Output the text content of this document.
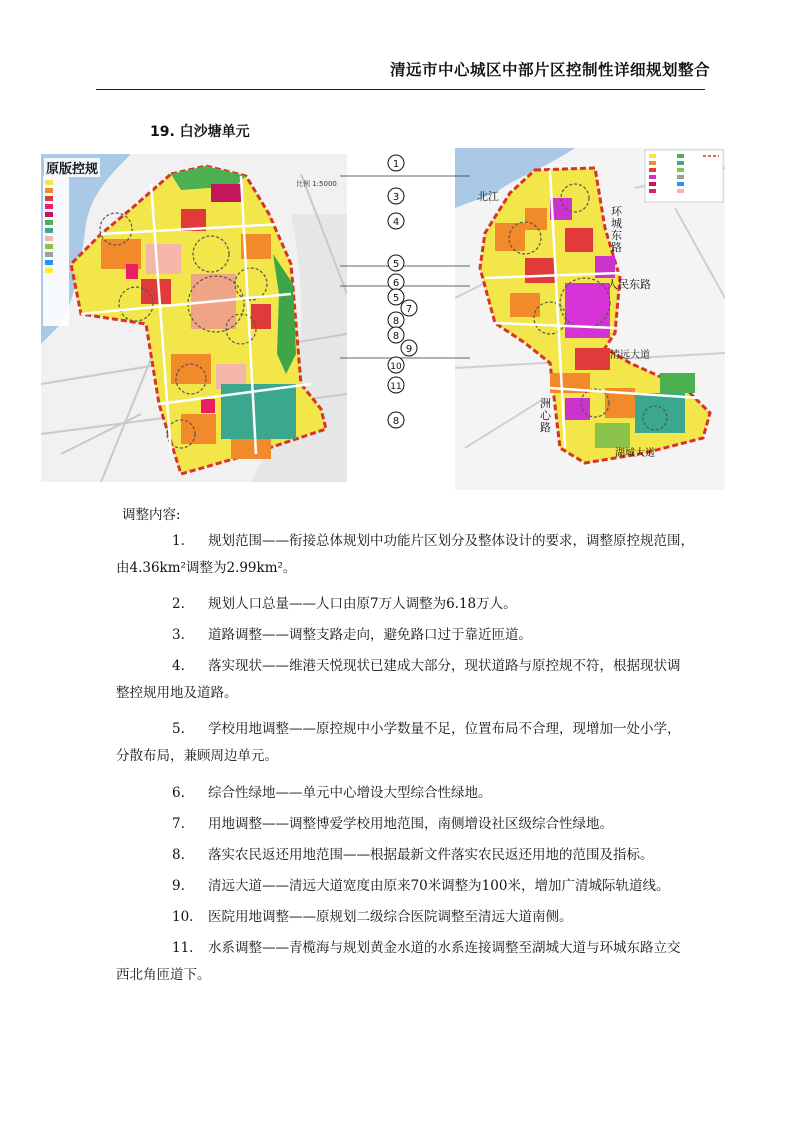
清远市中心城区中部片区控制性详细规划整合
19. 白沙塘单元
比例 1:5000
原版控规
北江
环城东路
人民东路
清远大道
洲心路
湖城大道
1
3
4
5
6
5
7
8
8
9
10
11
8
调整内容:
1.	规划范围——衔接总体规划中功能片区划分及整体设计的要求，调整原控规范围，
由4.36km²调整为2.99km²。
2.	规划人口总量——人口由原7万人调整为6.18万人。
3.	道路调整——调整支路走向，避免路口过于靠近匝道。
4.	落实现状——维港天悦现状已建成大部分，现状道路与原控规不符，根据现状调
整控规用地及道路。
5.	学校用地调整——原控规中小学数量不足，位置布局不合理，现增加一处小学，
分散布局，兼顾周边单元。
6.	综合性绿地——单元中心增设大型综合性绿地。
7.	用地调整——调整博爱学校用地范围，南侧增设社区级综合性绿地。
8.	落实农民返还用地范围——根据最新文件落实农民返还用地的范围及指标。
9.	清远大道——清远大道宽度由原来70米调整为100米，增加广清城际轨道线。
10.	医院用地调整——原规划二级综合医院调整至清远大道南侧。
11.	水系调整——青榄海与规划黄金水道的水系连接调整至湖城大道与环城东路立交
西北角匝道下。
